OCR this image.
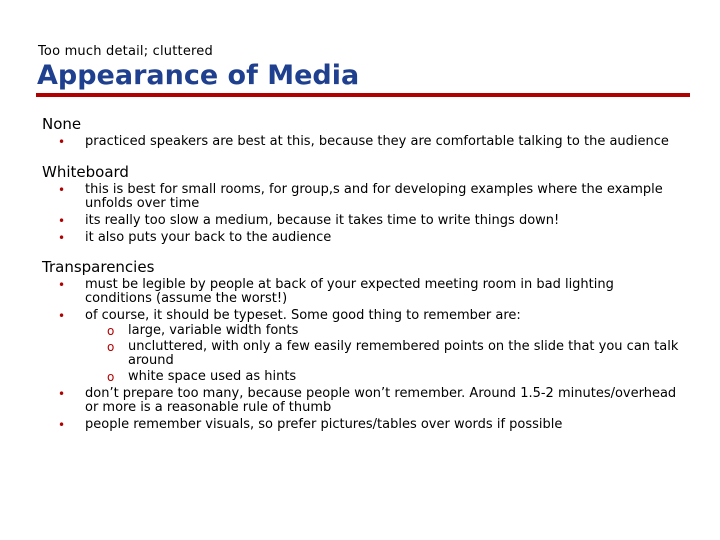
Too much detail; cluttered
Appearance of Media
None
• practiced speakers are best at this, because they are comfortable talking to the audience
Whiteboard
• this is best for small rooms, for group,s and for developing examples where the example unfolds over time
• its really too slow a medium, because it takes time to write things down!
• it also puts your back to the audience
Transparencies
• must be legible by people at back of your expected meeting room in bad lighting conditions (assume the worst!)
• of course, it should be typeset. Some good thing to remember are:
o large, variable width fonts
o uncluttered, with only a few easily remembered points on the slide that you can talk around
o white space used as hints
• don’t prepare too many, because people won’t remember. Around 1.5-2 minutes/overhead or more is a reasonable rule of thumb
• people remember visuals, so prefer pictures/tables over words if possible
